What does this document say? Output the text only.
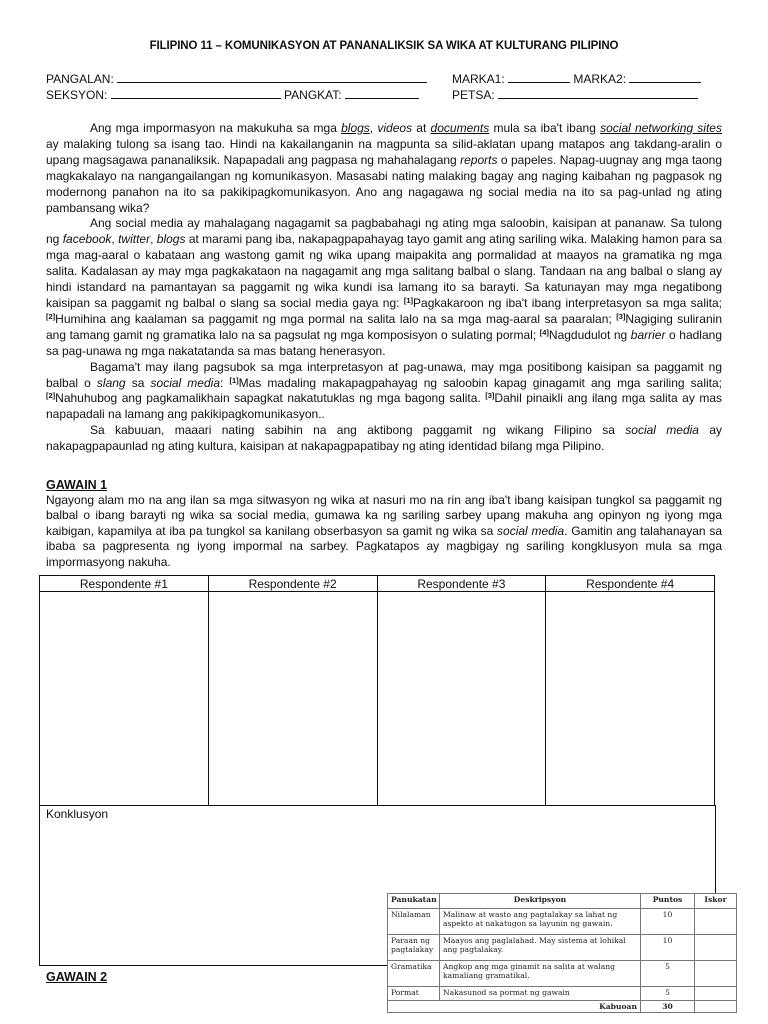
FILIPINO 11 – KOMUNIKASYON AT PANANALIKSIK SA WIKA AT KULTURANG PILIPINO
PANGALAN:	MARKA1:	MARKA2:
SEKSYON:	PANGKAT:	PETSA:

Ang mga impormasyon na makukuha sa mga blogs, videos at documents mula sa iba't ibang social networking sites ay malaking tulong sa isang tao. Hindi na kakailanganin na magpunta sa silid-aklatan upang matapos ang takdang-aralin o upang magsagawa pananaliksik. Napapadali ang pagpasa ng mahahalagang reports o papeles. Napag-uugnay ang mga taong magkakalayo na nangangailangan ng komunikasyon. Masasabi nating malaking bagay ang naging kaibahan ng pagpasok ng modernong panahon na ito sa pakikipagkomunikasyon. Ano ang nagagawa ng social media na ito sa pag-unlad ng ating pambansang wika?

Ang social media ay mahalagang nagagamit sa pagbabahagi ng ating mga saloobin, kaisipan at pananaw. Sa tulong ng facebook, twitter, blogs at marami pang iba, nakapagpapahayag tayo gamit ang ating sariling wika. Malaking hamon para sa mga mag-aaral o kabataan ang wastong gamit ng wika upang maipakita ang pormalidad at maayos na gramatika ng mga salita. Kadalasan ay may mga pagkakataon na nagagamit ang mga salitang balbal o slang. Tandaan na ang balbal o slang ay hindi istandard na pamantayan sa paggamit ng wika kundi isa lamang ito sa barayti. Sa katunayan may mga negatibong kaisipan sa paggamit ng balbal o slang sa social media gaya ng: [1]Pagkakaroon ng iba't ibang interpretasyon sa mga salita; [2]Humihina ang kaalaman sa paggamit ng mga pormal na salita lalo na sa mga mag-aaral sa paaralan; [3]Nagiging suliranin ang tamang gamit ng gramatika lalo na sa pagsulat ng mga komposisyon o sulating pormal; [4]Nagdudulot ng barrier o hadlang sa pag-unawa ng mga nakatatanda sa mas batang henerasyon.

Bagama't may ilang pagsubok sa mga interpretasyon at pag-unawa, may mga positibong kaisipan sa paggamit ng balbal o slang sa social media: [1]Mas madaling makapagpahayag ng saloobin kapag ginagamit ang mga sariling salita; [2]Nahuhubog ang pagkamalikhain sapagkat nakatutuklas ng mga bagong salita. [3]Dahil pinaikli ang ilang mga salita ay mas napapadali na lamang ang pakikipagkomunikasyon..

Sa kabuuan, maaari nating sabihin na ang aktibong paggamit ng wikang Filipino sa social media ay nakapagpapaunlad ng ating kultura, kaisipan at nakapagpapatibay ng ating identidad bilang mga Pilipino.

GAWAIN 1
Ngayong alam mo na ang ilan sa mga sitwasyon ng wika at nasuri mo na rin ang iba't ibang kaisipan tungkol sa paggamit ng balbal o ibang barayti ng wika sa social media, gumawa ka ng sariling sarbey upang makuha ang opinyon ng iyong mga kaibigan, kapamilya at iba pa tungkol sa kanilang obserbasyon sa gamit ng wika sa social media. Gamitin ang talahanayan sa ibaba sa pagpresenta ng iyong impormal na sarbey. Pagkatapos ay magbigay ng sariling kongklusyon mula sa mga impormasyong nakuha.
Respondente #1	Respondente #2	Respondente #3	Respondente #4

Konklusyon
GAWAIN 2
Panukatan	Deskripsyon	Puntos	Iskor
Nilalaman	Malinaw at wasto ang pagtalakay sa lahat ng aspekto at nakatugon sa layunin ng gawain.	10	
Paraan ng pagtalakay	Maayos ang paglalahad. May sistema at lohikal ang pagtalakay.	10	
Gramatika	Angkop ang mga ginamit na salita at walang kamaliang gramatikal.	5	
Pormat	Nakasunod sa pormat ng gawain	5	
Kabuoan		30	
